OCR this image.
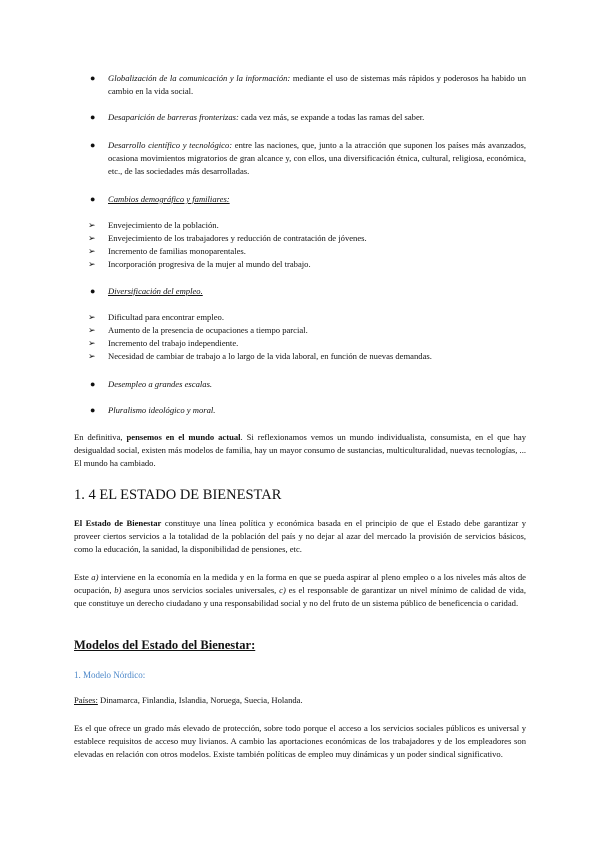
● Globalización de la comunicación y la información: mediante el uso de sistemas más rápidos y poderosos ha habido un cambio en la vida social.
● Desaparición de barreras fronterizas: cada vez más, se expande a todas las ramas del saber.
● Desarrollo científico y tecnológico: entre las naciones, que, junto a la atracción que suponen los países más avanzados, ocasiona movimientos migratorios de gran alcance y, con ellos, una diversificación étnica, cultural, religiosa, económica, etc., de las sociedades más desarrolladas.
● Cambios demográfico y familiares:
➢ Envejecimiento de la población.
➢ Envejecimiento de los trabajadores y reducción de contratación de jóvenes.
➢ Incremento de familias monoparentales.
➢ Incorporación progresiva de la mujer al mundo del trabajo.
● Diversificación del empleo.
➢ Dificultad para encontrar empleo.
➢ Aumento de la presencia de ocupaciones a tiempo parcial.
➢ Incremento del trabajo independiente.
➢ Necesidad de cambiar de trabajo a lo largo de la vida laboral, en función de nuevas demandas.
● Desempleo a grandes escalas.
● Pluralismo ideológico y moral.
En definitiva, pensemos en el mundo actual. Si reflexionamos vemos un mundo individualista, consumista, en el que hay desigualdad social, existen más modelos de familia, hay un mayor consumo de sustancias, multiculturalidad, nuevas tecnologías, ... El mundo ha cambiado.
1. 4 EL ESTADO DE BIENESTAR
El Estado de Bienestar constituye una línea política y económica basada en el principio de que el Estado debe garantizar y proveer ciertos servicios a la totalidad de la población del país y no dejar al azar del mercado la provisión de servicios básicos, como la educación, la sanidad, la disponibilidad de pensiones, etc.
Este a) interviene en la economía en la medida y en la forma en que se pueda aspirar al pleno empleo o a los niveles más altos de ocupación, b) asegura unos servicios sociales universales, c) es el responsable de garantizar un nivel mínimo de calidad de vida, que constituye un derecho ciudadano y una responsabilidad social y no del fruto de un sistema público de beneficencia o caridad.
Modelos del Estado del Bienestar:
1. Modelo Nórdico:
Países: Dinamarca, Finlandia, Islandia, Noruega, Suecia, Holanda.
Es el que ofrece un grado más elevado de protección, sobre todo porque el acceso a los servicios sociales públicos es universal y establece requisitos de acceso muy livianos. A cambio las aportaciones económicas de los trabajadores y de los empleadores son elevadas en relación con otros modelos. Existe también políticas de empleo muy dinámicas y un poder sindical significativo.
